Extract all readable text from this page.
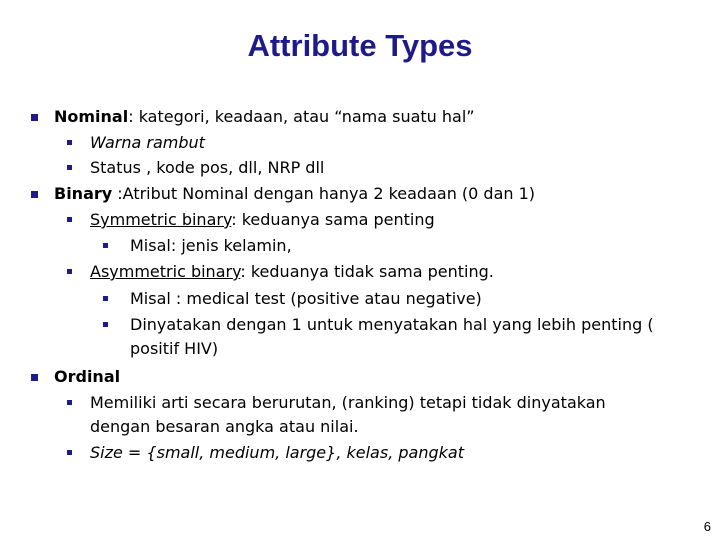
Attribute Types
Nominal: kategori, keadaan, atau “nama suatu hal”
Warna rambut
Status , kode pos, dll, NRP dll
Binary :Atribut Nominal dengan hanya 2 keadaan (0 dan 1)
Symmetric binary: keduanya sama penting
Misal: jenis kelamin,
Asymmetric binary: keduanya tidak sama penting.
Misal : medical test (positive atau negative)
Dinyatakan dengan 1 untuk menyatakan hal yang lebih penting (
positif HIV)
Ordinal
Memiliki arti secara berurutan, (ranking) tetapi tidak dinyatakan
dengan besaran angka atau nilai.
Size = {small, medium, large}, kelas, pangkat
6
